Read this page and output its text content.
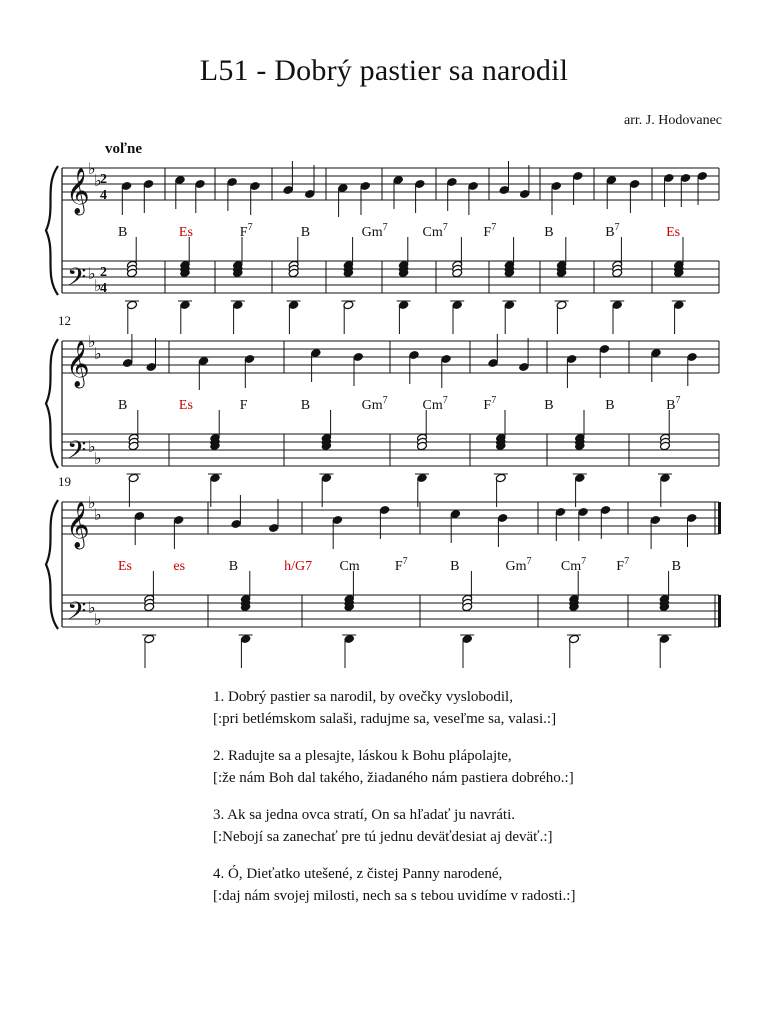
L51 - Dobrý pastier sa narodil
arr. J. Hodovanec
voľne
𝄞
𝄢
♭
♭
♭
♭
2
4
2
4
B	Es	$F^7$	B	Gm$^7$ Cm$^7$	$F^7$	B	$B^7$	Es
𝄞
𝄢
♭
♭
♭
♭
12
B	Es	F	B	Gm$^7$ Cm$^7$	$F^7$	B	B	$B^7$
𝄞
𝄢
♭
♭
♭
♭
19
Es	es	B	h/G7 Cm	$F^7$	B	Gm$^7$ Cm$^7$ $F^7$	B

1. Dobrý pastier sa narodil, by ovečky vyslobodil,
[:pri betlémskom salaši, radujme sa, veseľme sa, valasi.:]

2. Radujte sa a plesajte, láskou k Bohu plápolajte,
[:že nám Boh dal takého, žiadaného nám pastiera dobrého.:]

3. Ak sa jedna ovca stratí, On sa hľadať ju navráti.
[:Nebojí sa zanechať pre tú jednu deväťdesiat aj deväť.:]

4. Ó, Dieťatko utešené, z čistej Panny narodené,
[:daj nám svojej milosti, nech sa s tebou uvidíme v radosti.:]
